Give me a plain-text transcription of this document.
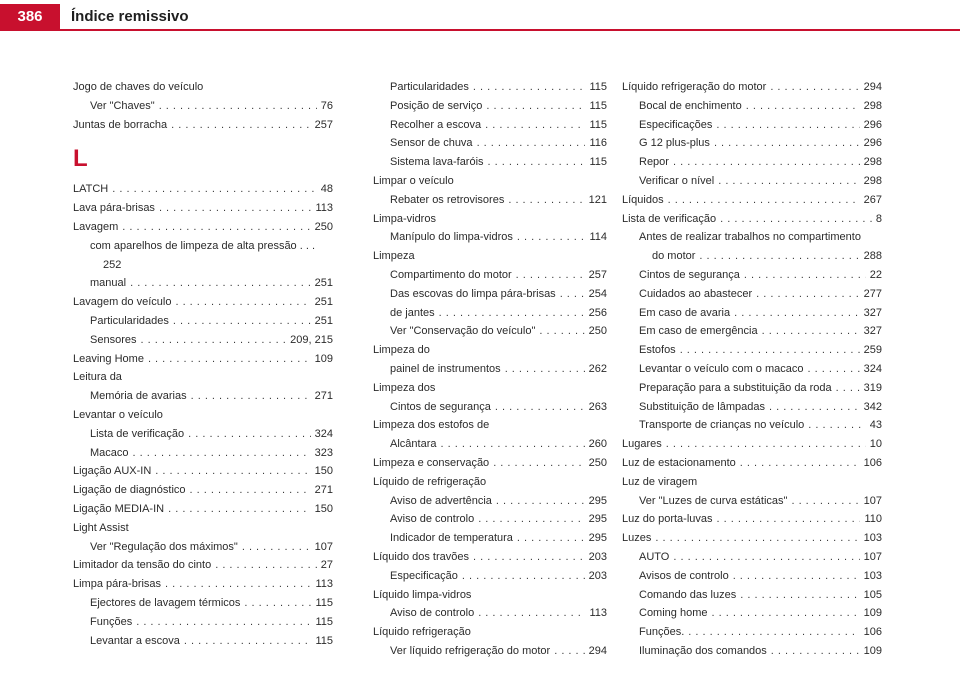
386	Índice remissivo
Jogo de chaves do veículo
Ver "Chaves" . . .	76
Juntas de borracha . . .	257
L
LATCH . . .	48
Lava pára-brisas . . .	113
Lavagem . . .	250
com aparelhos de limpeza de alta pressão . . .
252
manual . . .	251
Lavagem do veículo . . .	251
Particularidades . . .	251
Sensores . . .	209, 215
Leaving Home . . .	109
Leitura da
Memória de avarias . . .	271
Levantar o veículo
Lista de verificação . . .	324
Macaco . . .	323
Ligação AUX-IN . . .	150
Ligação de diagnóstico . . .	271
Ligação MEDIA-IN . . .	150
Light Assist
Ver "Regulação dos máximos" . . .	107
Limitador da tensão do cinto . . .	27
Limpa pára-brisas . . .	113
Ejectores de lavagem térmicos . . .	115
Funções . . .	115
Levantar a escova . . .	115
Particularidades . . .	115
Posição de serviço . . .	115
Recolher a escova . . .	115
Sensor de chuva . . .	116
Sistema lava-faróis . . .	115
Limpar o veículo
Rebater os retrovisores . . .	121
Limpa-vidros
Manípulo do limpa-vidros . . .	114
Limpeza
Compartimento do motor . . .	257
Das escovas do limpa pára-brisas . . .	254
de jantes . . .	256
Ver "Conservação do veículo" . . .	250
Limpeza do
painel de instrumentos . . .	262
Limpeza dos
Cintos de segurança . . .	263
Limpeza dos estofos de
Alcântara . . .	260
Limpeza e conservação . . .	250
Líquido de refrigeração
Aviso de advertência . . .	295
Aviso de controlo . . .	295
Indicador de temperatura . . .	295
Líquido dos travões . . .	203
Especificação . . .	203
Líquido limpa-vidros
Aviso de controlo . . .	113
Líquido refrigeração
Ver líquido refrigeração do motor . . .	294
Líquido refrigeração do motor . . .	294
Bocal de enchimento . . .	298
Especificações . . .	296
G 12 plus-plus . . .	296
Repor . . .	298
Verificar o nível . . .	298
Líquidos . . .	267
Lista de verificação . . .	8
Antes de realizar trabalhos no compartimento
do motor . . .	288
Cintos de segurança . . .	22
Cuidados ao abastecer . . .	277
Em caso de avaria . . .	327
Em caso de emergência . . .	327
Estofos . . .	259
Levantar o veículo com o macaco . . .	324
Preparação para a substituição da roda . . .	319
Substituição de lâmpadas . . .	342
Transporte de crianças no veículo . . .	43
Lugares . . .	10
Luz de estacionamento . . .	106
Luz de viragem
Ver "Luzes de curva estáticas" . . .	107
Luz do porta-luvas . . .	110
Luzes . . .	103
AUTO . . .	107
Avisos de controlo . . .	103
Comando das luzes . . .	105
Coming home . . .	109
Funções. . . .	106
Iluminação dos comandos . . .	109
